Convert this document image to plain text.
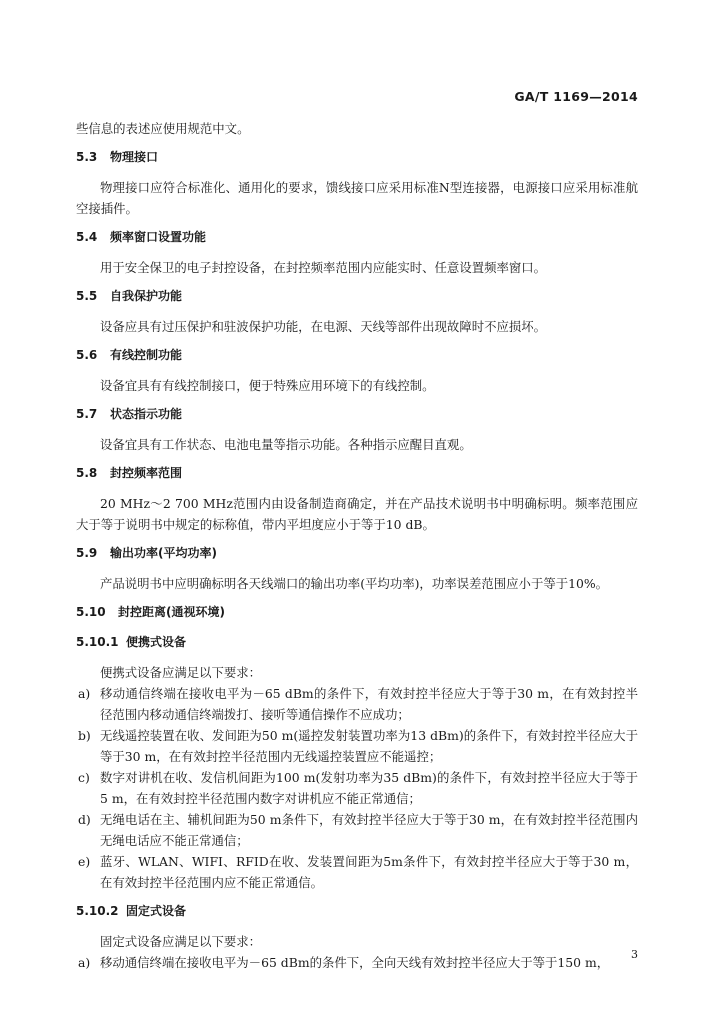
GA/T 1169—2014

些信息的表述应使用规范中文。

5.3	物理接口

物理接口应符合标准化、通用化的要求，馈线接口应采用标准N型连接器，电源接口应采用标准航空接插件。

5.4	频率窗口设置功能

用于安全保卫的电子封控设备，在封控频率范围内应能实时、任意设置频率窗口。

5.5	自我保护功能

设备应具有过压保护和驻波保护功能，在电源、天线等部件出现故障时不应损坏。

5.6	有线控制功能

设备宜具有有线控制接口，便于特殊应用环境下的有线控制。

5.7	状态指示功能

设备宜具有工作状态、电池电量等指示功能。各种指示应醒目直观。

5.8	封控频率范围

20 MHz～2 700 MHz范围内由设备制造商确定，并在产品技术说明书中明确标明。频率范围应大于等于说明书中规定的标称值，带内平坦度应小于等于10 dB。

5.9	输出功率(平均功率)

产品说明书中应明确标明各天线端口的输出功率(平均功率)，功率误差范围应小于等于10%。

5.10	封控距离(通视环境)
5.10.1 便携式设备

便携式设备应满足以下要求：

a) 移动通信终端在接收电平为－65 dBm的条件下，有效封控半径应大于等于30 m，在有效封控半径范围内移动通信终端拨打、接听等通信操作不应成功；
b) 无线遥控装置在收、发间距为50 m(遥控发射装置功率为13 dBm)的条件下，有效封控半径应大于等于30 m，在有效封控半径范围内无线遥控装置应不能遥控；
c) 数字对讲机在收、发信机间距为100 m(发射功率为35 dBm)的条件下，有效封控半径应大于等于5 m，在有效封控半径范围内数字对讲机应不能正常通信；
d) 无绳电话在主、辅机间距为50 m条件下，有效封控半径应大于等于30 m，在有效封控半径范围内无绳电话应不能正常通信；
e) 蓝牙、WLAN、WIFI、RFID在收、发装置间距为5m条件下，有效封控半径应大于等于30 m，在有效封控半径范围内应不能正常通信。
5.10.2 固定式设备

固定式设备应满足以下要求：

a) 移动通信终端在接收电平为－65 dBm的条件下，全向天线有效封控半径应大于等于150 m，
3
